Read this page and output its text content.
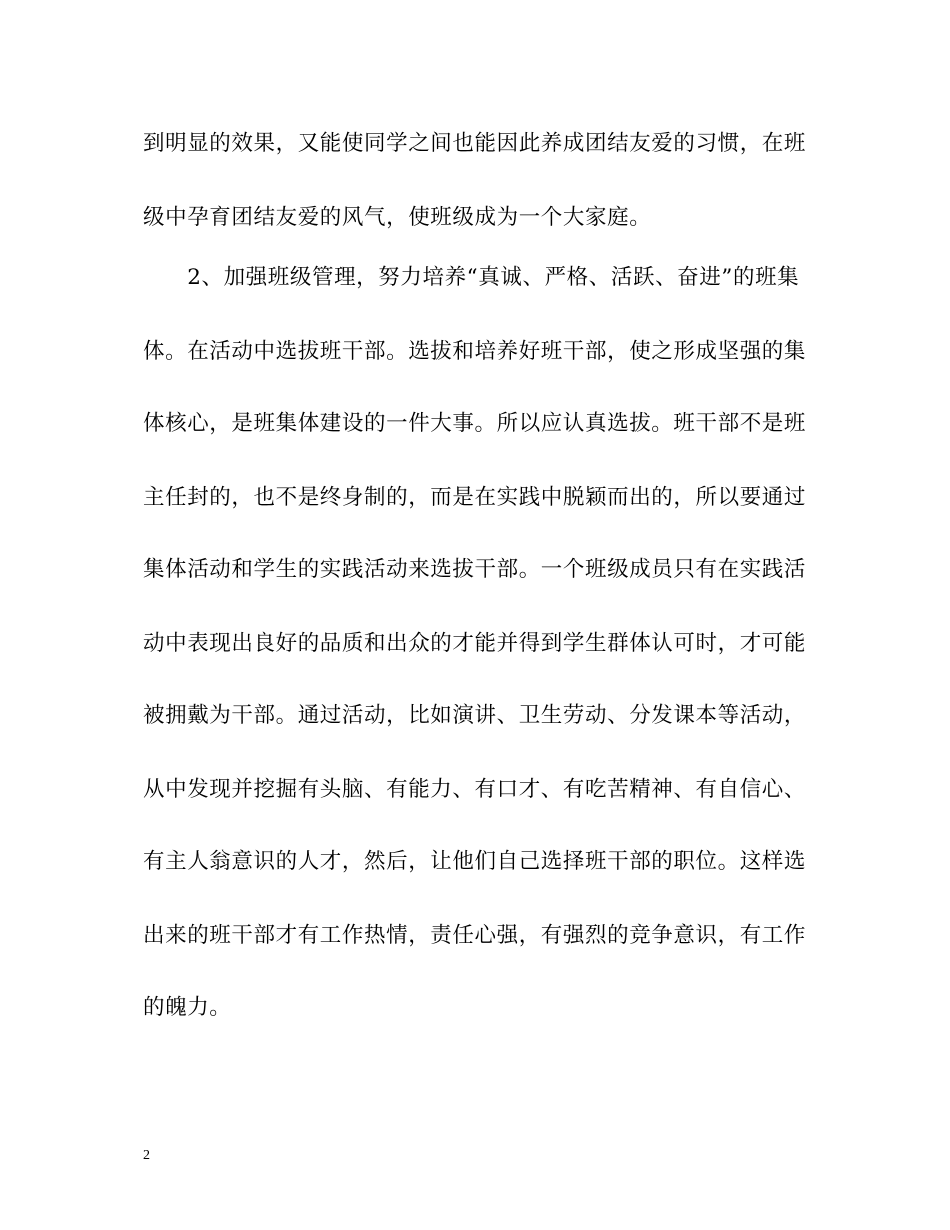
到明显的效果，又能使同学之间也能因此养成团结友爱的习惯，在班
级中孕育团结友爱的风气，使班级成为一个大家庭。
　　2、加强班级管理，努力培养“真诚、严格、活跃、奋进”的班集
体。在活动中选拔班干部。选拔和培养好班干部，使之形成坚强的集
体核心，是班集体建设的一件大事。所以应认真选拔。班干部不是班
主任封的，也不是终身制的，而是在实践中脱颖而出的，所以要通过
集体活动和学生的实践活动来选拔干部。一个班级成员只有在实践活
动中表现出良好的品质和出众的才能并得到学生群体认可时，才可能
被拥戴为干部。通过活动，比如演讲、卫生劳动、分发课本等活动，
从中发现并挖掘有头脑、有能力、有口才、有吃苦精神、有自信心、
有主人翁意识的人才，然后，让他们自己选择班干部的职位。这样选
出来的班干部才有工作热情，责任心强，有强烈的竞争意识，有工作
的魄力。
2
